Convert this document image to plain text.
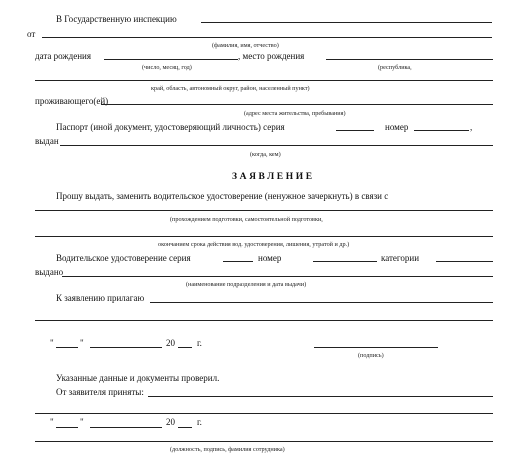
В Государственную инспекцию
от
(фамилия, имя, отчество)
дата рождения	, место рождения
(число, месяц, год)	(республика,
край, область, автономный округ, район, населенный пункт)
проживающего(ей)
(адрес места жительства, пребывания)
Паспорт (иной документ, удостоверяющий личность) серия	номер	,
выдан
(когда, кем)
ЗАЯВЛЕНИЕ
Прошу выдать, заменить водительское удостоверение (ненужное зачеркнуть) в связи с
(прохождением подготовки, самостоятельной подготовки,
окончанием срока действия вод. удостоверения, лишения, утратой и др.)
Водительское удостоверение серия	номер	категории
выдано
(наименование подразделения и дата выдачи)
К заявлению прилагаю
"	"	20 г.
(подпись)
Указанные данные и документы проверил.
От заявителя приняты:
"	"	20 г.
(должность, подпись, фамилия сотрудника)
